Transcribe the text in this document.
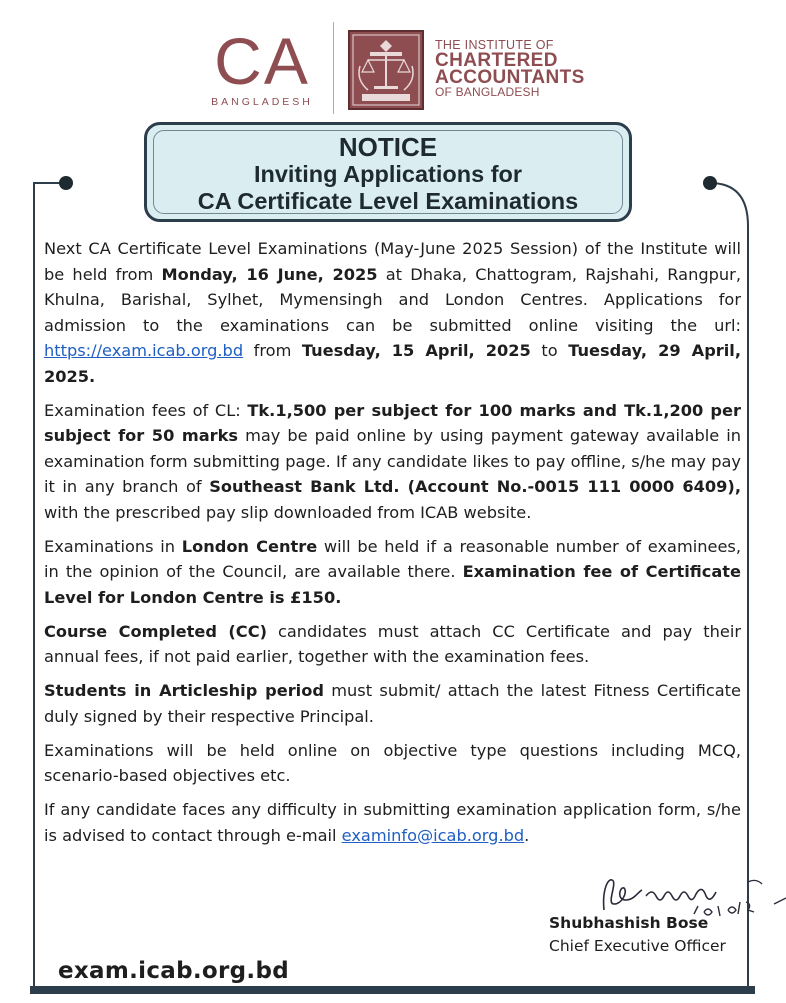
CA
BANGLADESH
THE INSTITUTE OF
CHARTERED
ACCOUNTANTS
OF BANGLADESH
NOTICE
Inviting Applications for
CA Certificate Level Examinations

Next CA Certificate Level Examinations (May-June 2025 Session) of the Institute will be held from Monday, 16 June, 2025 at Dhaka, Chattogram, Rajshahi, Rangpur, Khulna, Barishal, Sylhet, Mymensingh and London Centres. Applications for admission to the examinations can be submitted online visiting the url: https://exam.icab.org.bd from Tuesday, 15 April, 2025 to Tuesday, 29 April, 2025.

Examination fees of CL: Tk.1,500 per subject for 100 marks and Tk.1,200 per subject for 50 marks may be paid online by using payment gateway available in examination form submitting page. If any candidate likes to pay offline, s/he may pay it in any branch of Southeast Bank Ltd. (Account No.-0015 111 0000 6409), with the prescribed pay slip downloaded from ICAB website.

Examinations in London Centre will be held if a reasonable number of examinees, in the opinion of the Council, are available there. Examination fee of Certificate Level for London Centre is £150.

Course Completed (CC) candidates must attach CC Certificate and pay their annual fees, if not paid earlier, together with the examination fees.

Students in Articleship period must submit/ attach the latest Fitness Certificate duly signed by their respective Principal.

Examinations will be held online on objective type questions including MCQ, scenario-based objectives etc.

If any candidate faces any difficulty in submitting examination application form, s/he is advised to contact through e-mail examinfo@icab.org.bd.

Shubhashish Bose
Chief Executive Officer
exam.icab.org.bd
